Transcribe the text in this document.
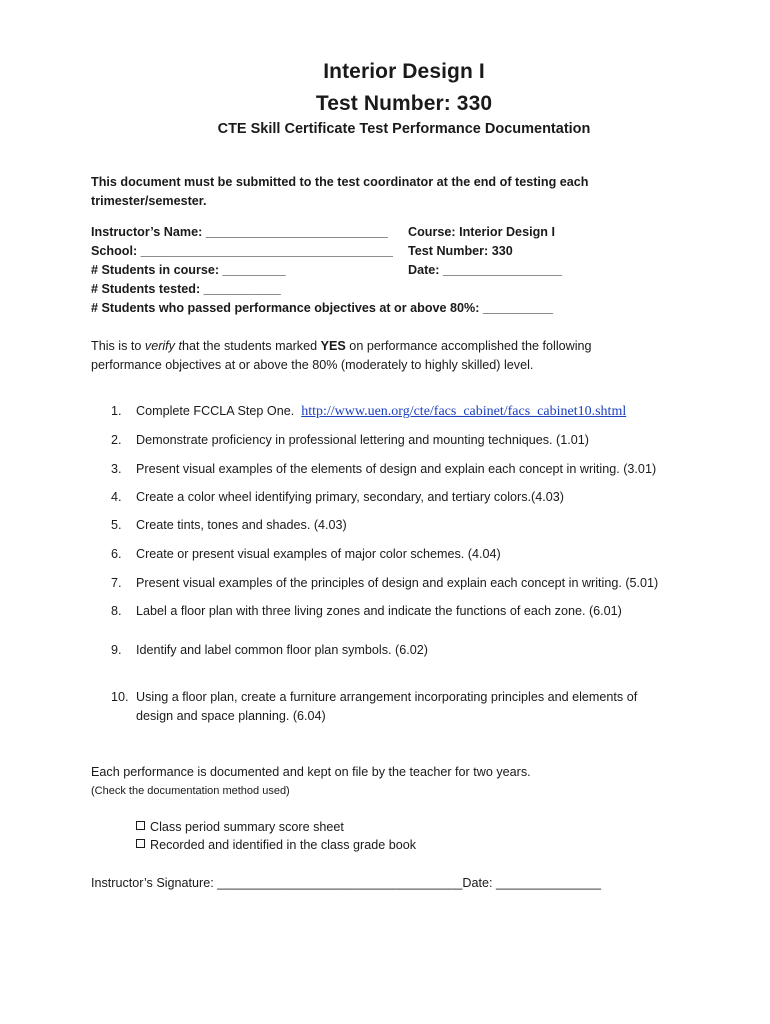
Interior Design I
Test Number: 330
CTE Skill Certificate Test Performance Documentation
This document must be submitted to the test coordinator at the end of testing each
trimester/semester.
Instructor’s Name: __________________________ Course: Interior Design I
School: ____________________________________ Test Number: 330
# Students in course: _________	Date: _________________
# Students tested: ___________
# Students who passed performance objectives at or above 80%: __________
This is to verify that the students marked YES on performance accomplished the following
performance objectives at or above the 80% (moderately to highly skilled) level.
1. Complete FCCLA Step One. http://www.uen.org/cte/facs_cabinet/facs_cabinet10.shtml
2. Demonstrate proficiency in professional lettering and mounting techniques. (1.01)
3. Present visual examples of the elements of design and explain each concept in writing. (3.01)
4. Create a color wheel identifying primary, secondary, and tertiary colors.(4.03)
5. Create tints, tones and shades. (4.03)
6. Create or present visual examples of major color schemes. (4.04)
7. Present visual examples of the principles of design and explain each concept in writing. (5.01)
8. Label a floor plan with three living zones and indicate the functions of each zone. (6.01)
9. Identify and label common floor plan symbols. (6.02)
10. Using a floor plan, create a furniture arrangement incorporating principles and elements of
design and space planning. (6.04)
Each performance is documented and kept on file by the teacher for two years.
(Check the documentation method used)
Class period summary score sheet
Recorded and identified in the class grade book
Instructor’s Signature: ___________________________________Date: _______________
